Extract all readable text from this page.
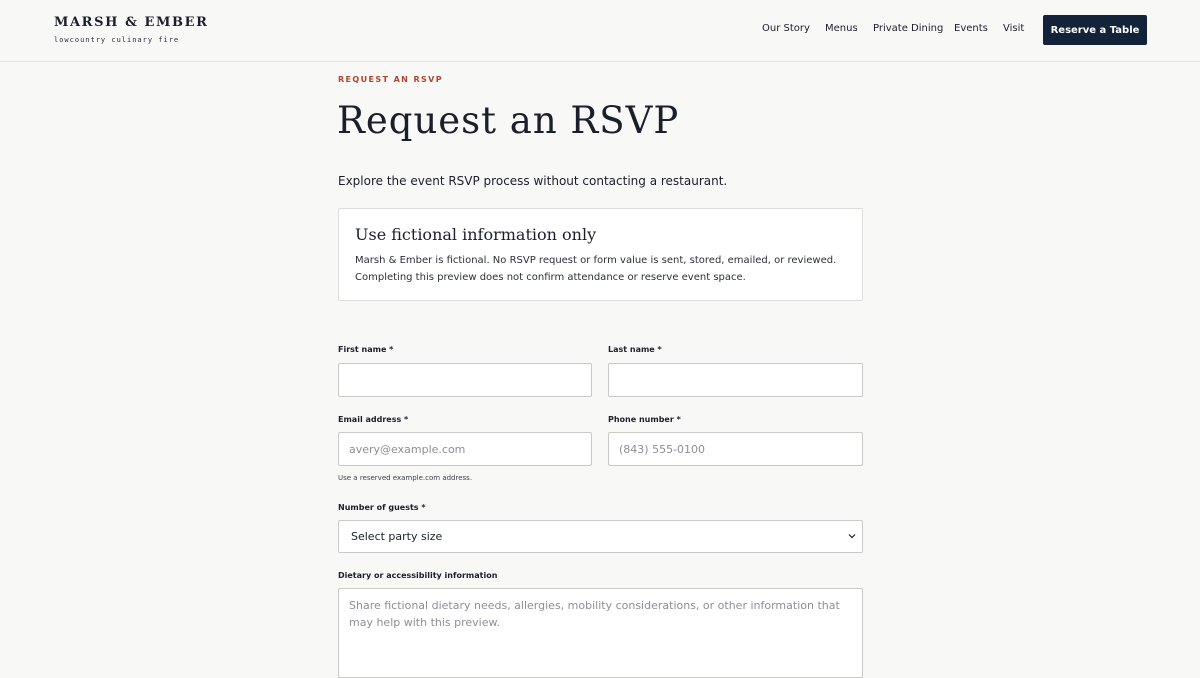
MARSH & EMBER
lowcountry culinary fire
Our Story Menus Private Dining Events Visit	Reserve a Table
REQUEST AN RSVP
Request an RSVP

Explore the event RSVP process without contacting a restaurant.

Use fictional information only

Marsh & Ember is fictional. No RSVP request or form value is sent, stored, emailed, or reviewed. Completing this preview does not confirm attendance or reserve event space.

First name *	Last name *
Email address *
avery@example.com
Use a reserved example.com address.
Phone number *
(843) 555-0100
Number of guests *
Select party size
Dietary or accessibility information
Share fictional dietary needs, allergies, mobility considerations, or other information that may help with this preview.
